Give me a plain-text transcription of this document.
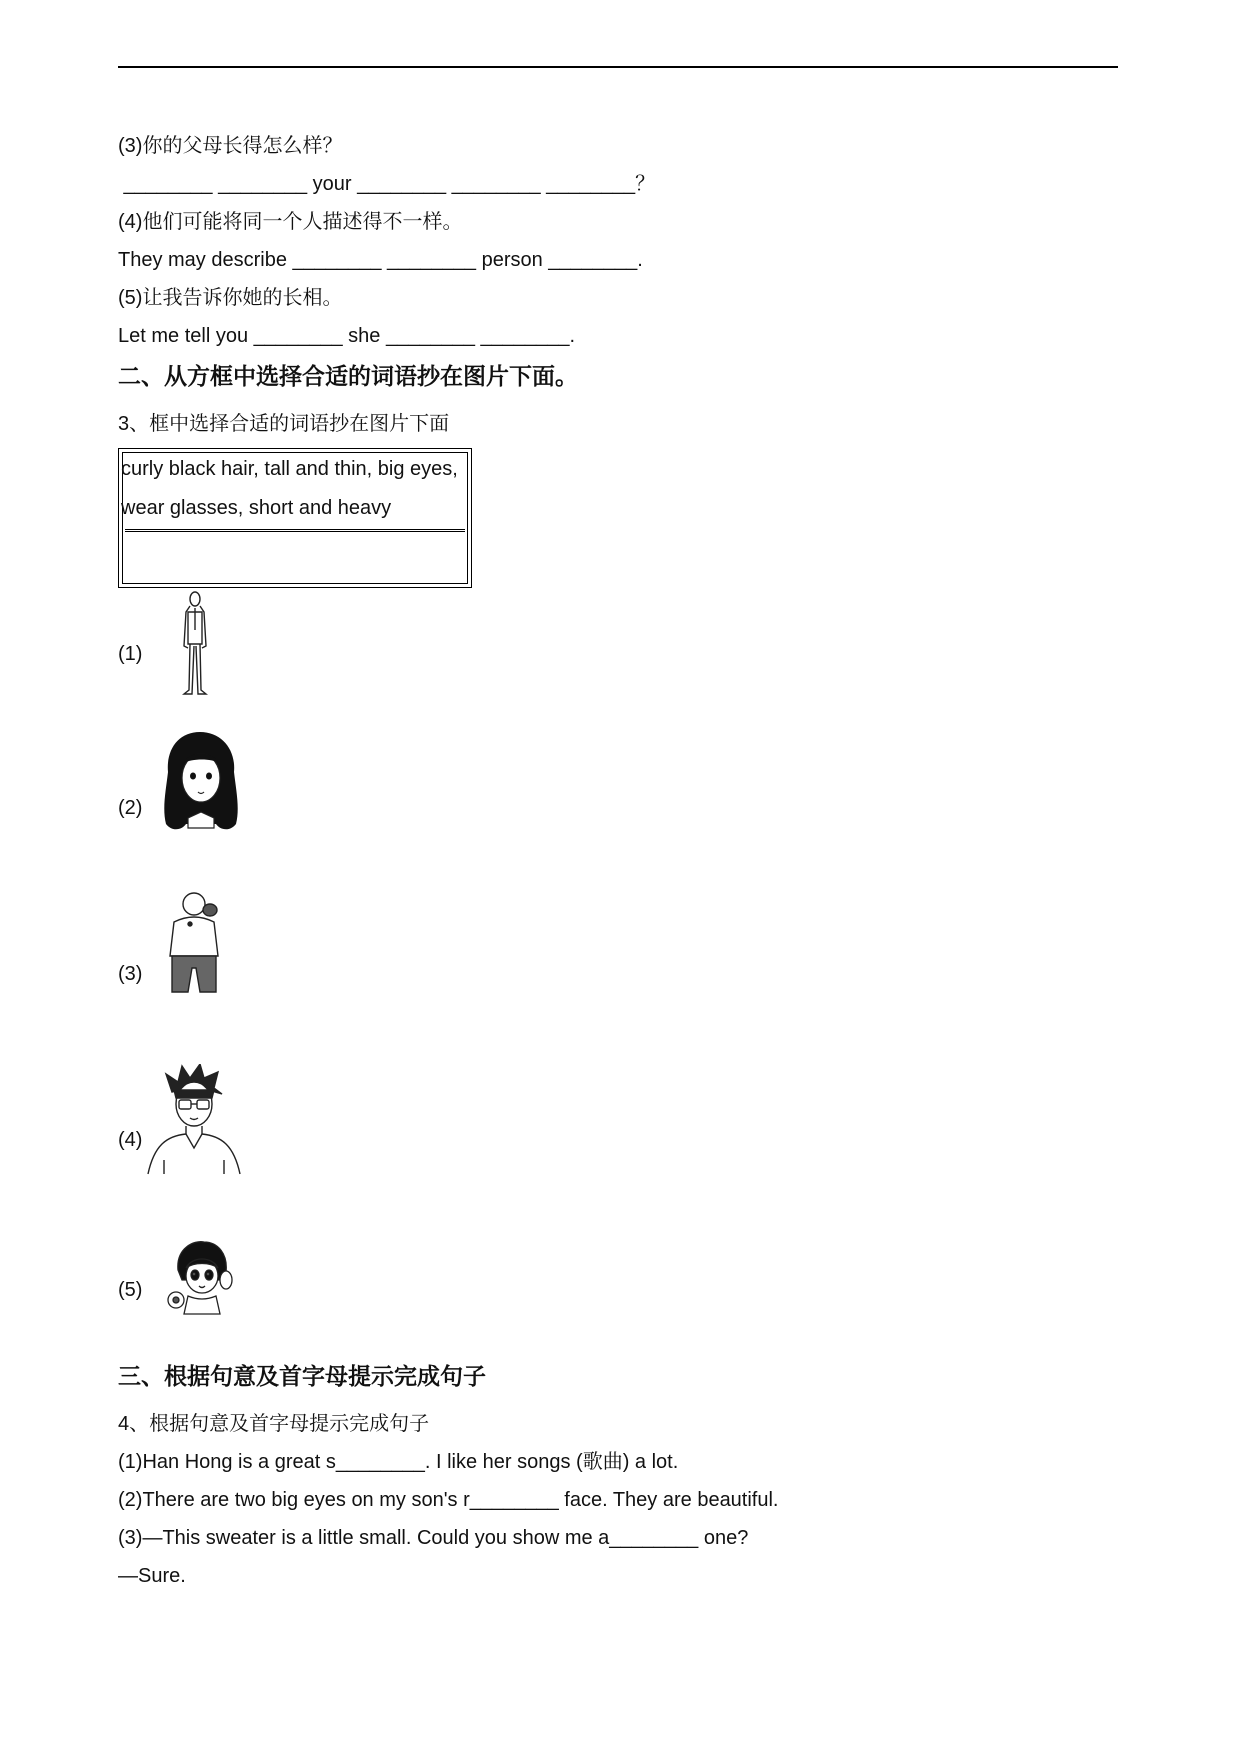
(3)你的父母长得怎么样？
________ ________ your ________ ________ ________？
(4)他们可能将同一个人描述得不一样。
They may describe ________ ________ person ________.
(5)让我告诉你她的长相。
Let me tell you ________ she ________ ________.
二、从方框中选择合适的词语抄在图片下面。
3、框中选择合适的词语抄在图片下面
curly black hair, tall and thin, big eyes,
wear glasses, short and heavy
(1)
(2)
(3)
(4)
(5)
三、根据句意及首字母提示完成句子
4、根据句意及首字母提示完成句子
(1)Han Hong is a great s________. I like her songs (歌曲) a lot.
(2)There are two big eyes on my son's r________ face. They are beautiful.
(3)—This sweater is a little small. Could you show me a________ one?
—Sure.
